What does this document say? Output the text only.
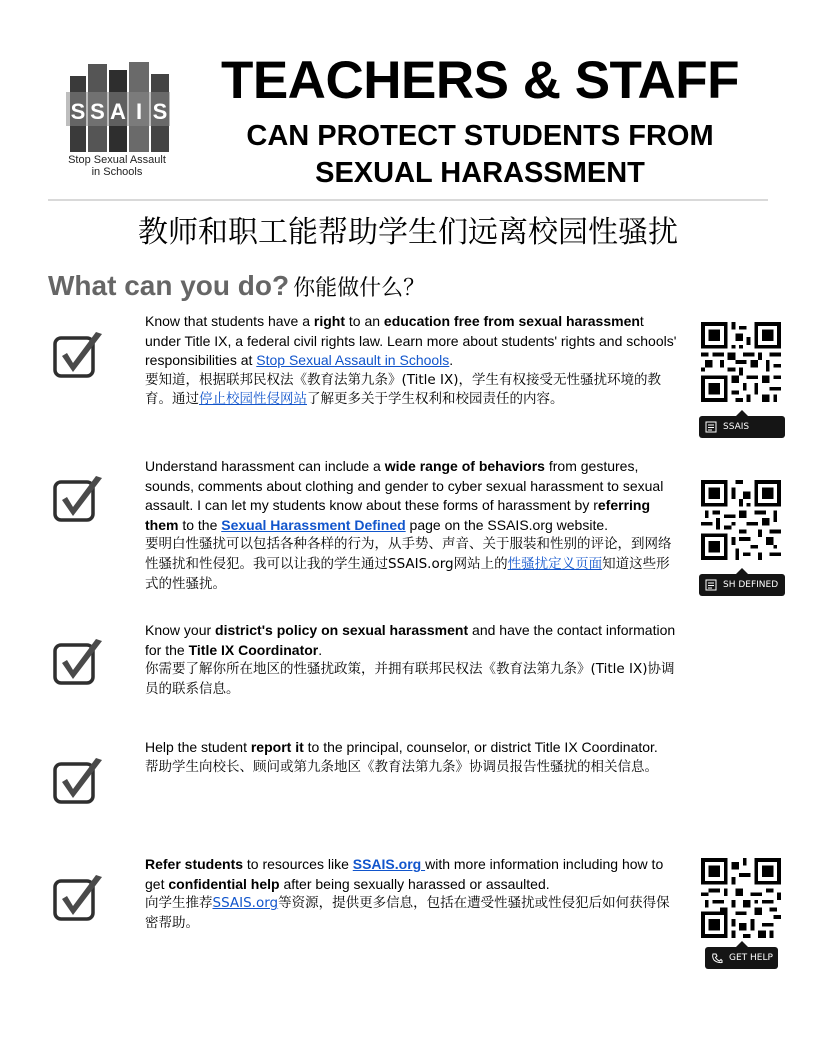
S S A I S
Stop Sexual Assault
in Schools
TEACHERS & STAFF
CAN PROTECT STUDENTS FROM
SEXUAL HARASSMENT
教师和职工能帮助学生们远离校园性骚扰
What can you do? 你能做什么？
Know that students have a right to an education free from sexual harassment under Title IX, a federal civil rights law. Learn more about students' rights and schools' responsibilities at Stop Sexual Assault in Schools.
要知道，根据联邦民权法《教育法第九条》(Title IX)，学生有权接受无性骚扰环境的教育。通过停止校园性侵网站了解更多关于学生权利和校园责任的内容。
SSAIS
Understand harassment can include a wide range of behaviors from gestures, sounds, comments about clothing and gender to cyber sexual harassment to sexual assault. I can let my students know about these forms of harassment by referring them to the Sexual Harassment Defined page on the SSAIS.org website.
要明白性骚扰可以包括各种各样的行为，从手势、声音、关于服装和性别的评论，到网络性骚扰和性侵犯。我可以让我的学生通过SSAIS.org网站上的性骚扰定义页面知道这些形式的性骚扰。	SH DEFINED
Know your district's policy on sexual harassment and have the contact information for the Title IX Coordinator.
你需要了解你所在地区的性骚扰政策，并拥有联邦民权法《教育法第九条》(Title IX)协调员的联系信息。
Help the student report it to the principal, counselor, or district Title IX Coordinator.
帮助学生向校长、顾问或第九条地区《教育法第九条》协调员报告性骚扰的相关信息。
Refer students to resources like SSAIS.org with more information including how to get confidential help after being sexually harassed or assaulted.
向学生推荐SSAIS.org等资源，提供更多信息，包括在遭受性骚扰或性侵犯后如何获得保密帮助。
GET HELP
